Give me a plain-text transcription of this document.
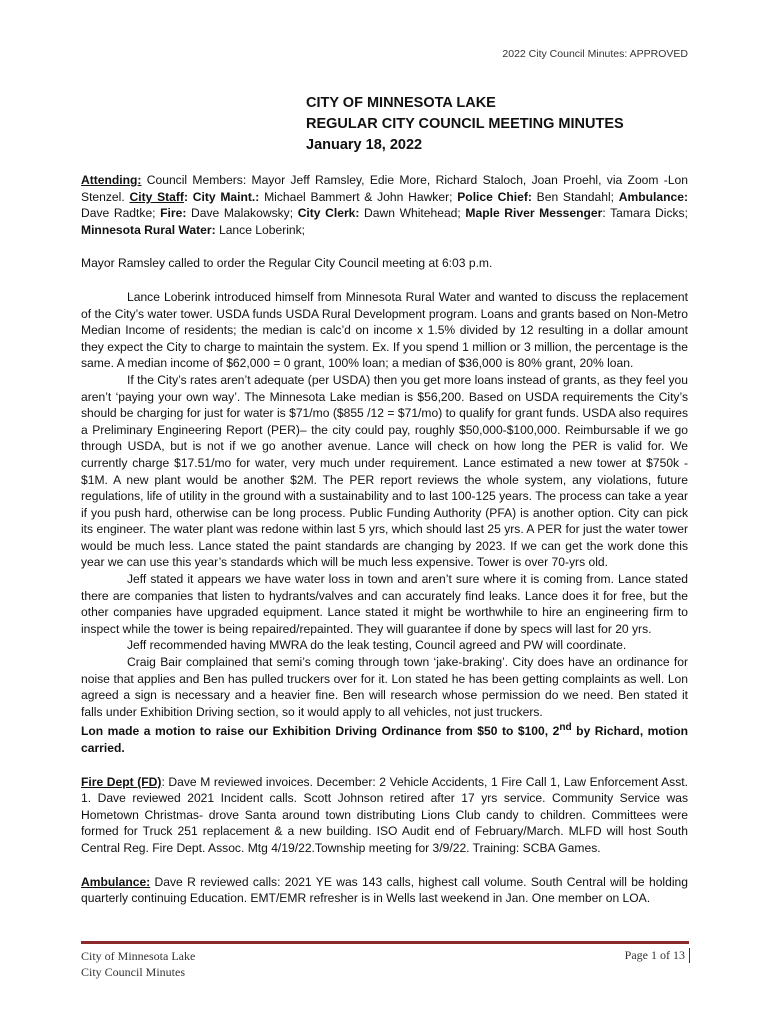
2022 City Council Minutes: APPROVED
CITY OF MINNESOTA LAKE
REGULAR CITY COUNCIL MEETING MINUTES
January 18, 2022

Attending: Council Members: Mayor Jeff Ramsley, Edie More, Richard Staloch, Joan Proehl, via Zoom -Lon Stenzel. City Staff: City Maint.: Michael Bammert & John Hawker; Police Chief: Ben Standahl; Ambulance: Dave Radtke; Fire: Dave Malakowsky; City Clerk: Dawn Whitehead; Maple River Messenger: Tamara Dicks; Minnesota Rural Water: Lance Loberink;

Mayor Ramsley called to order the Regular City Council meeting at 6:03 p.m.

Lance Loberink introduced himself from Minnesota Rural Water and wanted to discuss the replacement of the City’s water tower. USDA funds USDA Rural Development program. Loans and grants based on Non-Metro Median Income of residents; the median is calc’d on income x 1.5% divided by 12 resulting in a dollar amount they expect the City to charge to maintain the system. Ex. If you spend 1 million or 3 million, the percentage is the same. A median income of $62,000 = 0 grant, 100% loan; a median of $36,000 is 80% grant, 20% loan.

If the City’s rates aren’t adequate (per USDA) then you get more loans instead of grants, as they feel you aren’t ‘paying your own way’. The Minnesota Lake median is $56,200. Based on USDA requirements the City’s should be charging for just for water is $71/mo ($855 /12 = $71/mo) to qualify for grant funds. USDA also requires a Preliminary Engineering Report (PER)– the city could pay, roughly $50,000-$100,000. Reimbursable if we go through USDA, but is not if we go another avenue. Lance will check on how long the PER is valid for. We currently charge $17.51/mo for water, very much under requirement. Lance estimated a new tower at $750k - $1M. A new plant would be another $2M. The PER report reviews the whole system, any violations, future regulations, life of utility in the ground with a sustainability and to last 100-125 years. The process can take a year if you push hard, otherwise can be long process. Public Funding Authority (PFA) is another option. City can pick its engineer. The water plant was redone within last 5 yrs, which should last 25 yrs. A PER for just the water tower would be much less. Lance stated the paint standards are changing by 2023. If we can get the work done this year we can use this year’s standards which will be much less expensive. Tower is over 70-yrs old.

Jeff stated it appears we have water loss in town and aren’t sure where it is coming from. Lance stated there are companies that listen to hydrants/valves and can accurately find leaks. Lance does it for free, but the other companies have upgraded equipment. Lance stated it might be worthwhile to hire an engineering firm to inspect while the tower is being repaired/repainted. They will guarantee if done by specs will last for 20 yrs.

Jeff recommended having MWRA do the leak testing, Council agreed and PW will coordinate.

Craig Bair complained that semi’s coming through town ‘jake-braking’. City does have an ordinance for noise that applies and Ben has pulled truckers over for it. Lon stated he has been getting complaints as well. Lon agreed a sign is necessary and a heavier fine. Ben will research whose permission do we need. Ben stated it falls under Exhibition Driving section, so it would apply to all vehicles, not just truckers.

Lon made a motion to raise our Exhibition Driving Ordinance from $50 to $100, 2nd by Richard, motion carried.

Fire Dept (FD): Dave M reviewed invoices. December: 2 Vehicle Accidents, 1 Fire Call 1, Law Enforcement Asst. 1. Dave reviewed 2021 Incident calls. Scott Johnson retired after 17 yrs service. Community Service was Hometown Christmas- drove Santa around town distributing Lions Club candy to children. Committees were formed for Truck 251 replacement & a new building. ISO Audit end of February/March. MLFD will host South Central Reg. Fire Dept. Assoc. Mtg 4/19/22.Township meeting for 3/9/22. Training: SCBA Games.

Ambulance: Dave R reviewed calls: 2021 YE was 143 calls, highest call volume. South Central will be holding quarterly continuing Education. EMT/EMR refresher is in Wells last weekend in Jan. One member on LOA.

City of Minnesota Lake
City Council Minutes
Page 1 of 13
